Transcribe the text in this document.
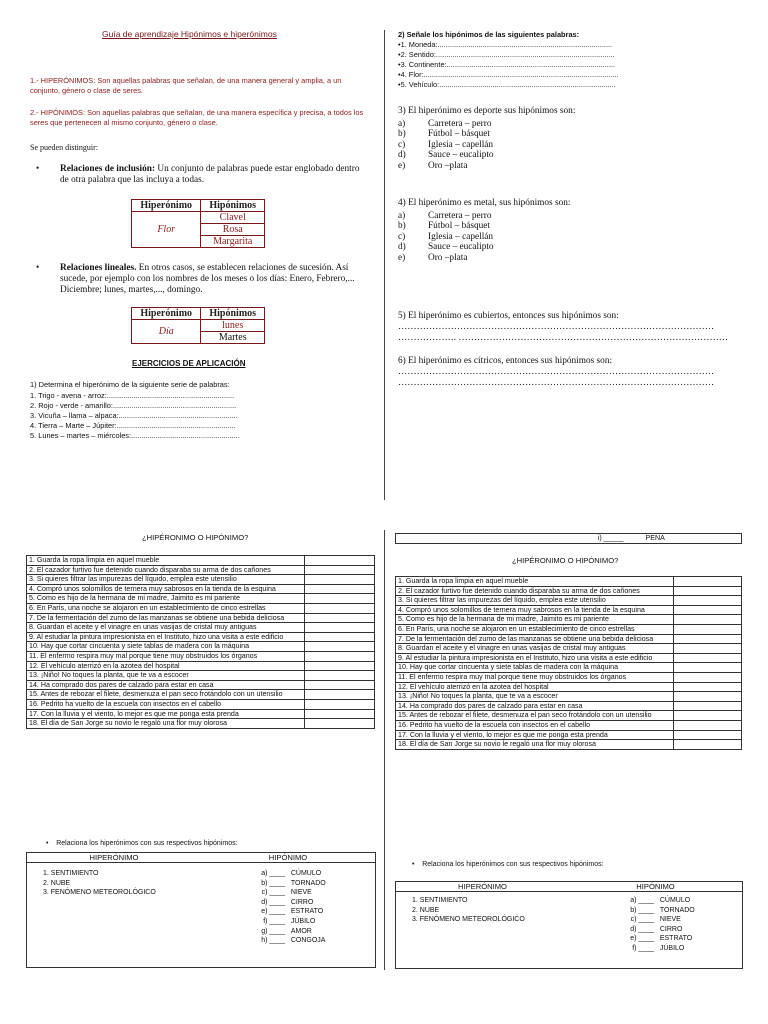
Guía de aprendizaje Hipónimos e hiperónimos
1.- HIPERÓNIMOS: Son aquellas palabras que señalan, de una manera general y amplia, a un conjunto, género o clase de seres.
2.- HIPÓNIMOS: Son aquellas palabras que señalan, de una manera específica y precisa, a todos los seres que pertenecen al mismo conjunto, género o clase.
Se pueden distinguir:
• Relaciones de inclusión: Un conjunto de palabras puede estar englobado dentro de otra palabra que las incluya a todas.
Hiperónimo	Hipónimos
Flor	Clavel
	Rosa
	Margarita
• Relaciones lineales. En otros casos, se establecen relaciones de sucesión. Así sucede, por ejemplo con los nombres de los meses o los días: Enero, Febrero,... Diciembre; lunes, martes,..., domingo.
Hiperónimo	Hipónimos
Día	lunes
	Martes
EJERCICIOS DE APLICACIÓN
1) Determina el hiperónimo de la siguiente serie de palabras:
1. Trigo - avena - arroz:..............................................................
2. Rojo - verde - amarillo:............................................................
3. Vicuña – llama – alpaca:..........................................................
4. Tierra – Marte – Júpiter:..........................................................
5. Lunes – martes – miércoles:.....................................................
2) Señale los hipónimos de las siguientes palabras:
•1. Moneda:.....................................................................................
•2. Sentido:.......................................................................................
•3. Continente:..................................................................................
•4. Flor:...............................................................................................
•5. Vehículo:......................................................................................
3) El hiperónimo es deporte sus hipónimos son:
a) Carretera – perro
b) Fútbol – básquet
c) Iglesia – capellán
d) Sauce – eucalipto
e) Oro –plata
4) El hiperónimo es metal, sus hipónimos son:
a) Carretera – perro
b) Fútbol – básquet
c) Iglesia – capellán
d) Sauce – eucalipto
e) Oro –plata
5) El hiperónimo es cubiertos, entonces sus hipónimos son:
…………………………………………………………………………………………
………………. ……………………………………………………………………………
6) El hiperónimo es cítricos, entonces sus hipónimos son:
…………………………………………………………………………………………
…………………………………………………………………………………………
¿HIPÉRONIMO O HIPÓNIMO?
1. Guarda la ropa limpia en aquel mueble	
2. El cazador furtivo fue detenido cuando disparaba su arma de dos cañones	
3. Si quieres filtrar las impurezas del líquido, emplea este utensilio	
4. Compró unos solomillos de ternera muy sabrosos en la tienda de la esquina	
5. Como es hijo de la hermana de mi madre, Jaimito es mi pariente	
6. En París, una noche se alojaron en un establecimiento de cinco estrellas	
7. De la fermentación del zumo de las manzanas se obtiene una bebida deliciosa	
8. Guardan el aceite y el vinagre en unas vasijas de cristal muy antiguas	
9. Al estudiar la pintura impresionista en el Instituto, hizo una visita a este edificio	
10. Hay que cortar cincuenta y siete tablas de madera con la máquina	
11. El enfermo respira muy mal porque tiene muy obstruidos los órganos	
12. El vehículo aterrizó en la azotea del hospital	
13. ¡Niño! No toques la planta, que te va a escocer	
14. Ha comprado dos pares de calzado para estar en casa	
15. Antes de rebozar el filete, desmenuza el pan seco frotándolo con un utensilio	
16. Pedrito ha vuelto de la escuela con insectos en el cabello	
17. Con la lluvia y el viento, lo mejor es que me ponga esta prenda	
18. El día de San Jorge su novio le regaló una flor muy olorosa	
• Relaciona los hiperónimos con sus respectivos hipónimos:
HIPERÓNIMO	HIPÓNIMO
1. SENTIMIENTO
2. NUBE
3. FENÓMENO METEOROLÓGICO
a) ____ CÚMULO
b) ____ TORNADO
c) ____ NIEVE
d) ____ CIRRO
e) ____ ESTRATO
f) ____ JÚBILO
g) ____ AMOR
h) ____ CONGOJA
i) _____	PENA
¿HIPÉRONIMO O HIPÓNIMO?
1. Guarda la ropa limpia en aquel mueble	
2. El cazador furtivo fue detenido cuando disparaba su arma de dos cañones	
3. Si quieres filtrar las impurezas del líquido, emplea este utensilio	
4. Compró unos solomillos de ternera muy sabrosos en la tienda de la esquina	
5. Como es hijo de la hermana de mi madre, Jaimito es mi pariente	
6. En París, una noche se alojaron en un establecimiento de cinco estrellas	
7. De la fermentación del zumo de las manzanas se obtiene una bebida deliciosa	
8. Guardan el aceite y el vinagre en unas vasijas de cristal muy antiguas	
9. Al estudiar la pintura impresionista en el Instituto, hizo una visita a este edificio	
10. Hay que cortar cincuenta y siete tablas de madera con la máquina	
11. El enfermo respira muy mal porque tiene muy obstruidos los órganos	
12. El vehículo aterrizó en la azotea del hospital	
13. ¡Niño! No toques la planta, que te va a escocer	
14. Ha comprado dos pares de calzado para estar en casa	
15. Antes de rebozar el filete, desmenuza el pan seco frotándolo con un utensilio	
16. Pedrito ha vuelto de la escuela con insectos en el cabello	
17. Con la lluvia y el viento, lo mejor es que me ponga esta prenda	
18. El día de San Jorge su novio le regaló una flor muy olorosa	
• Relaciona los hiperónimos con sus respectivos hipónimos:
HIPERÓNIMO	HIPÓNIMO
1. SENTIMIENTO
2. NUBE
3. FENÓMENO METEOROLÓGICO
a) ____ CÚMULO
b) ____ TORNADO
c) ____ NIEVE
d) ____ CIRRO
e) ____ ESTRATO
f) ____ JÚBILO
